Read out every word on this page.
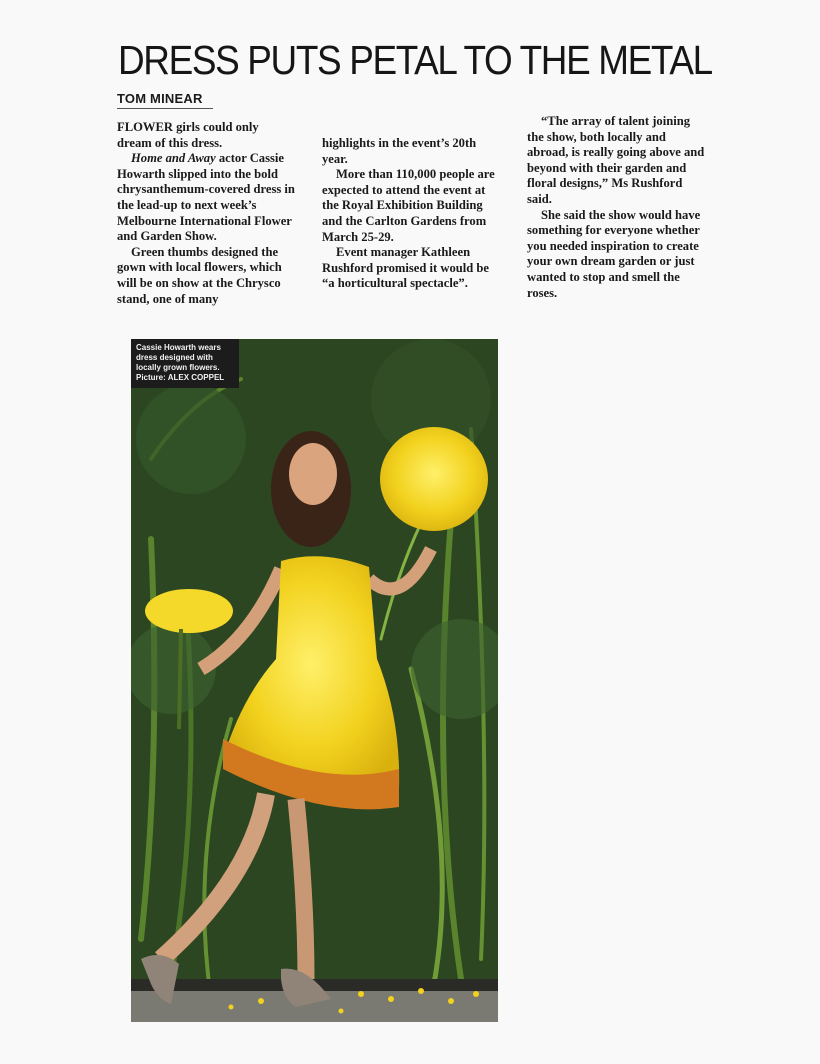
DRESS PUTS PETAL TO THE METAL
TOM MINEAR

FLOWER girls could only dream of this dress.

Home and Away actor Cassie Howarth slipped into the bold chrysanthemum-covered dress in the lead-up to next week’s Melbourne International Flower and Garden Show.

Green thumbs designed the gown with local flowers, which will be on show at the Chrysco stand, one of many

highlights in the event’s 20th year.

More than 110,000 people are expected to attend the event at the Royal Exhibition Building and the Carlton Gardens from March 25-29.

Event manager Kathleen Rushford promised it would be “a horticultural spectacle”.

“The array of talent joining the show, both locally and abroad, is really going above and beyond with their garden and floral designs,” Ms Rushford said.

She said the show would have something for everyone whether you needed inspiration to create your own dream garden or just wanted to stop and smell the roses.

Cassie Howarth wears
dress designed with
locally grown flowers.
Picture: ALEX COPPEL
